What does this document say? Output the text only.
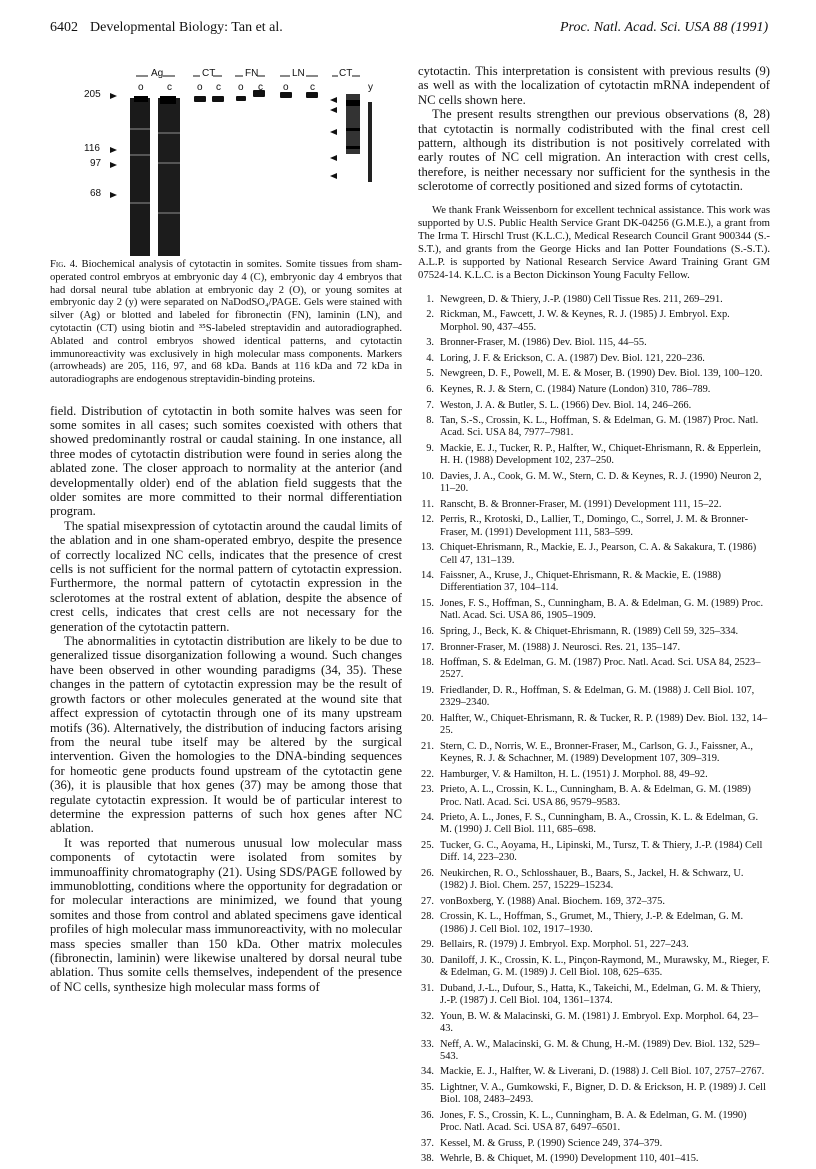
6402 Developmental Biology: Tan et al.	Proc. Natl. Acad. Sci. USA 88 (1991)
Ag	CT	FN	LN	CT
o c	o c o c o c	y
205
116
97
68

Fig. 4. Biochemical analysis of cytotactin in somites. Somite tissues from sham-operated control embryos at embryonic day 4 (C), embryonic day 4 embryos that had dorsal neural tube ablation at embryonic day 2 (O), or young somites at embryonic day 2 (y) were separated on NaDodSO₄/PAGE. Gels were stained with silver (Ag) or blotted and labeled for fibronectin (FN), laminin (LN), and cytotactin (CT) using biotin and ³⁵S-labeled streptavidin and autoradiographed. Ablated and control embryos showed identical patterns, and cytotactin immunoreactivity was exclusively in high molecular mass components. Markers (arrowheads) are 205, 116, 97, and 68 kDa. Bands at 116 kDa and 72 kDa in autoradiographs are endogenous streptavidin-binding proteins.

field. Distribution of cytotactin in both somite halves was seen for some somites in all cases; such somites coexisted with others that showed predominantly rostral or caudal staining. In one instance, all three modes of cytotactin distribution were found in series along the ablated zone. The closer approach to normality at the anterior (and developmentally older) end of the ablation field suggests that the older somites are more committed to their normal differentiation program.

The spatial misexpression of cytotactin around the caudal limits of the ablation and in one sham-operated embryo, despite the presence of correctly localized NC cells, indicates that the presence of crest cells is not sufficient for the normal pattern of cytotactin expression. Furthermore, the normal pattern of cytotactin expression in the sclerotomes at the rostral extent of ablation, despite the absence of crest cells, indicates that crest cells are not necessary for the generation of the cytotactin pattern.

The abnormalities in cytotactin distribution are likely to be due to generalized tissue disorganization following a wound. Such changes have been observed in other wounding paradigms (34, 35). These changes in the pattern of cytotactin expression may be the result of growth factors or other molecules generated at the wound site that affect expression of cytotactin through one of its many upstream motifs (36). Alternatively, the distribution of inducing factors arising from the neural tube itself may be altered by the surgical intervention. Given the homologies to the DNA-binding sequences for homeotic gene products found upstream of the cytotactin gene (36), it is plausible that hox genes (37) may be among those that regulate cytotactin expression. It would be of particular interest to determine the expression patterns of such hox genes after NC ablation.

It was reported that numerous unusual low molecular mass components of cytotactin were isolated from somites by immunoaffinity chromatography (21). Using SDS/PAGE followed by immunoblotting, conditions where the opportunity for degradation or for molecular interactions are minimized, we found that young somites and those from control and ablated specimens gave identical profiles of high molecular mass immunoreactivity, with no molecular mass species smaller than 150 kDa. Other matrix molecules (fibronectin, laminin) were likewise unaltered by dorsal neural tube ablation. Thus somite cells themselves, independent of the presence of NC cells, synthesize high molecular mass forms of

cytotactin. This interpretation is consistent with previous results (9) as well as with the localization of cytotactin mRNA independent of NC cells shown here.

The present results strengthen our previous observations (8, 28) that cytotactin is normally codistributed with the final crest cell pattern, although its distribution is not positively correlated with early routes of NC cell migration. An interaction with crest cells, therefore, is neither necessary nor sufficient for the synthesis in the sclerotome of correctly positioned and sized forms of cytotactin.

We thank Frank Weissenborn for excellent technical assistance. This work was supported by U.S. Public Health Service Grant DK-04256 (G.M.E.), a grant from The Irma T. Hirschl Trust (K.L.C.), Medical Research Council Grant 900344 (S.-S.T.), and grants from the George Hicks and Ian Potter Foundations (S.-S.T.). A.L.P. is supported by National Research Service Award Training Grant GM 07524-14. K.L.C. is a Becton Dickinson Young Faculty Fellow.

1. Newgreen, D. & Thiery, J.-P. (1980) Cell Tissue Res. 211, 269–291.
2. Rickman, M., Fawcett, J. W. & Keynes, R. J. (1985) J. Embryol. Exp. Morphol. 90, 437–455.
3. Bronner-Fraser, M. (1986) Dev. Biol. 115, 44–55.
4. Loring, J. F. & Erickson, C. A. (1987) Dev. Biol. 121, 220–236.
5. Newgreen, D. F., Powell, M. E. & Moser, B. (1990) Dev. Biol. 139, 100–120.
6. Keynes, R. J. & Stern, C. (1984) Nature (London) 310, 786–789.
7. Weston, J. A. & Butler, S. L. (1966) Dev. Biol. 14, 246–266.
8. Tan, S.-S., Crossin, K. L., Hoffman, S. & Edelman, G. M. (1987) Proc. Natl. Acad. Sci. USA 84, 7977–7981.
9. Mackie, E. J., Tucker, R. P., Halfter, W., Chiquet-Ehrismann, R. & Epperlein, H. H. (1988) Development 102, 237–250.
10. Davies, J. A., Cook, G. M. W., Stern, C. D. & Keynes, R. J. (1990) Neuron 2, 11–20.
11. Ranscht, B. & Bronner-Fraser, M. (1991) Development 111, 15–22.
12. Perris, R., Krotoski, D., Lallier, T., Domingo, C., Sorrel, J. M. & Bronner-Fraser, M. (1991) Development 111, 583–599.
13. Chiquet-Ehrismann, R., Mackie, E. J., Pearson, C. A. & Sakakura, T. (1986) Cell 47, 131–139.
14. Faissner, A., Kruse, J., Chiquet-Ehrismann, R. & Mackie, E. (1988) Differentiation 37, 104–114.
15. Jones, F. S., Hoffman, S., Cunningham, B. A. & Edelman, G. M. (1989) Proc. Natl. Acad. Sci. USA 86, 1905–1909.
16. Spring, J., Beck, K. & Chiquet-Ehrismann, R. (1989) Cell 59, 325–334.
17. Bronner-Fraser, M. (1988) J. Neurosci. Res. 21, 135–147.
18. Hoffman, S. & Edelman, G. M. (1987) Proc. Natl. Acad. Sci. USA 84, 2523–2527.
19. Friedlander, D. R., Hoffman, S. & Edelman, G. M. (1988) J. Cell Biol. 107, 2329–2340.
20. Halfter, W., Chiquet-Ehrismann, R. & Tucker, R. P. (1989) Dev. Biol. 132, 14–25.
21. Stern, C. D., Norris, W. E., Bronner-Fraser, M., Carlson, G. J., Faissner, A., Keynes, R. J. & Schachner, M. (1989) Development 107, 309–319.
22. Hamburger, V. & Hamilton, H. L. (1951) J. Morphol. 88, 49–92.
23. Prieto, A. L., Crossin, K. L., Cunningham, B. A. & Edelman, G. M. (1989) Proc. Natl. Acad. Sci. USA 86, 9579–9583.
24. Prieto, A. L., Jones, F. S., Cunningham, B. A., Crossin, K. L. & Edelman, G. M. (1990) J. Cell Biol. 111, 685–698.
25. Tucker, G. C., Aoyama, H., Lipinski, M., Tursz, T. & Thiery, J.-P. (1984) Cell Diff. 14, 223–230.
26. Neukirchen, R. O., Schlosshauer, B., Baars, S., Jackel, H. & Schwarz, U. (1982) J. Biol. Chem. 257, 15229–15234.
27. vonBoxberg, Y. (1988) Anal. Biochem. 169, 372–375.
28. Crossin, K. L., Hoffman, S., Grumet, M., Thiery, J.-P. & Edelman, G. M. (1986) J. Cell Biol. 102, 1917–1930.
29. Bellairs, R. (1979) J. Embryol. Exp. Morphol. 51, 227–243.
30. Daniloff, J. K., Crossin, K. L., Pinçon-Raymond, M., Murawsky, M., Rieger, F. & Edelman, G. M. (1989) J. Cell Biol. 108, 625–635.
31. Duband, J.-L., Dufour, S., Hatta, K., Takeichi, M., Edelman, G. M. & Thiery, J.-P. (1987) J. Cell Biol. 104, 1361–1374.
32. Youn, B. W. & Malacinski, G. M. (1981) J. Embryol. Exp. Morphol. 64, 23–43.
33. Neff, A. W., Malacinski, G. M. & Chung, H.-M. (1989) Dev. Biol. 132, 529–543.
34. Mackie, E. J., Halfter, W. & Liverani, D. (1988) J. Cell Biol. 107, 2757–2767.
35. Lightner, V. A., Gumkowski, F., Bigner, D. D. & Erickson, H. P. (1989) J. Cell Biol. 108, 2483–2493.
36. Jones, F. S., Crossin, K. L., Cunningham, B. A. & Edelman, G. M. (1990) Proc. Natl. Acad. Sci. USA 87, 6497–6501.
37. Kessel, M. & Gruss, P. (1990) Science 249, 374–379.
38. Wehrle, B. & Chiquet, M. (1990) Development 110, 401–415.
